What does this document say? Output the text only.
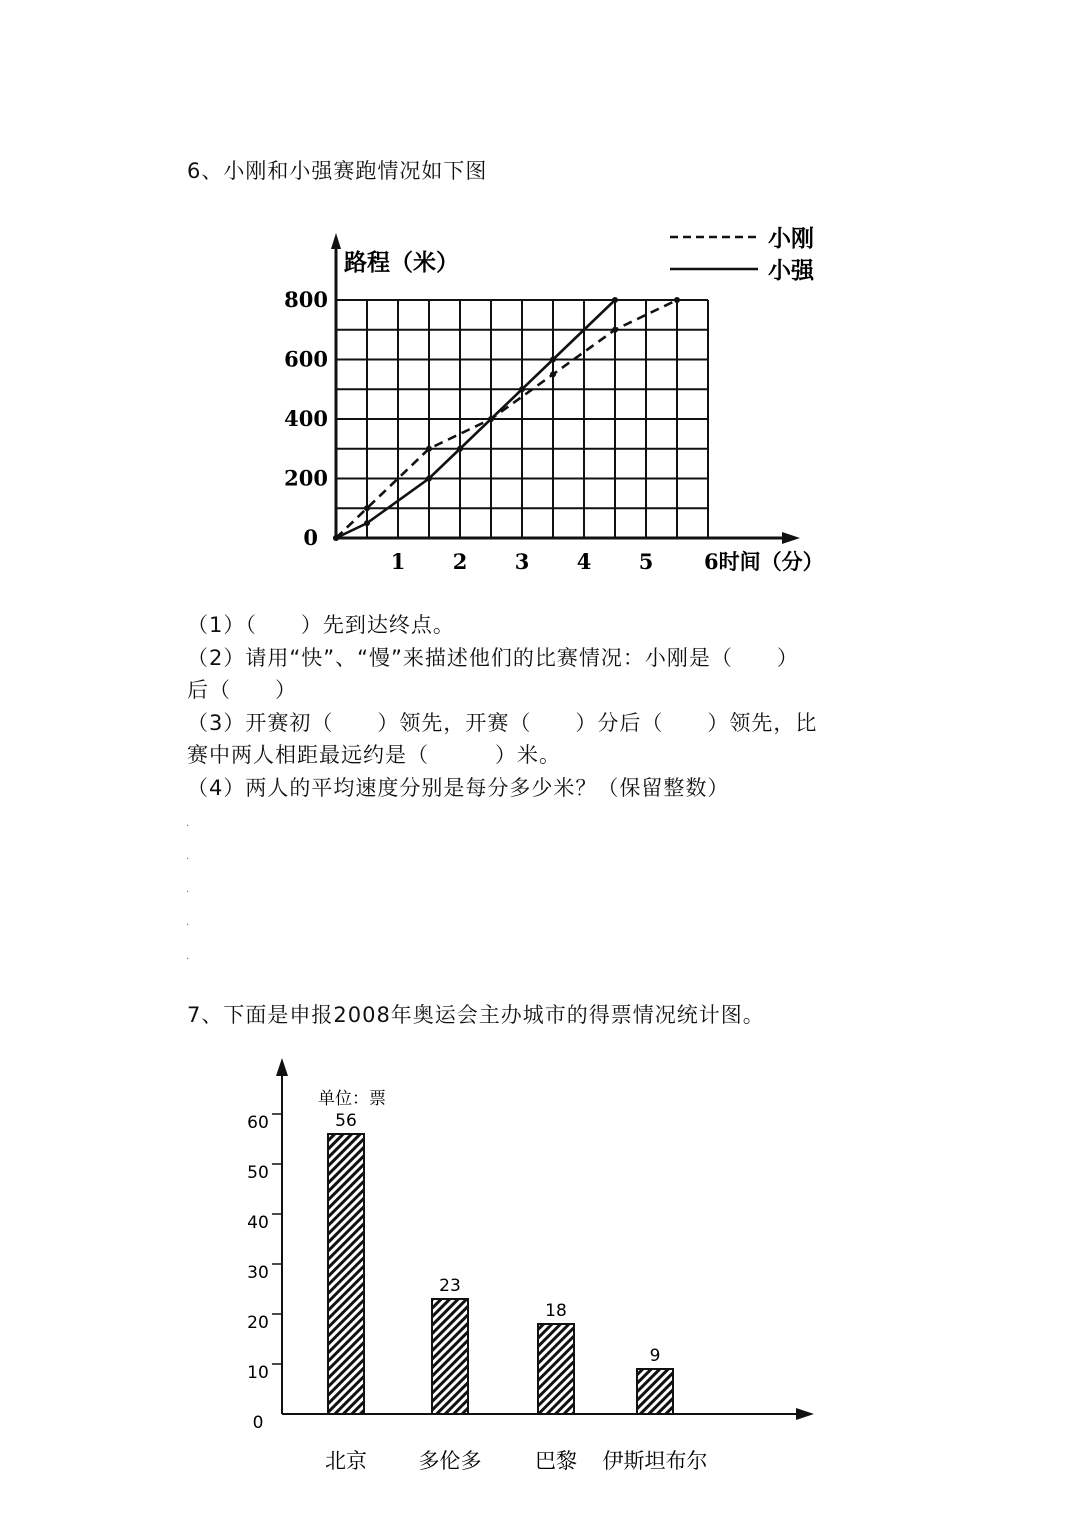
6、小刚和小强赛跑情况如下图
0
200
400
600
800
1 2 3 4 5 6时间（分）
路程（米）
小刚
小强
（1）（　　）先到达终点。
（2）请用“快”、“慢”来描述他们的比赛情况：小刚是（　　）
后（　　）
（3）开赛初（　　）领先，开赛（　　）分后（　　）领先，比
赛中两人相距最远约是（　　　）米。
（4）两人的平均速度分别是每分多少米？（保留整数）
.
.
.
.
.
7、下面是申报2008年奥运会主办城市的得票情况统计图。
0
10
20
30
40
50
60
单位：票
56
23
18
9
北京 多伦多	巴黎 伊斯坦布尔
